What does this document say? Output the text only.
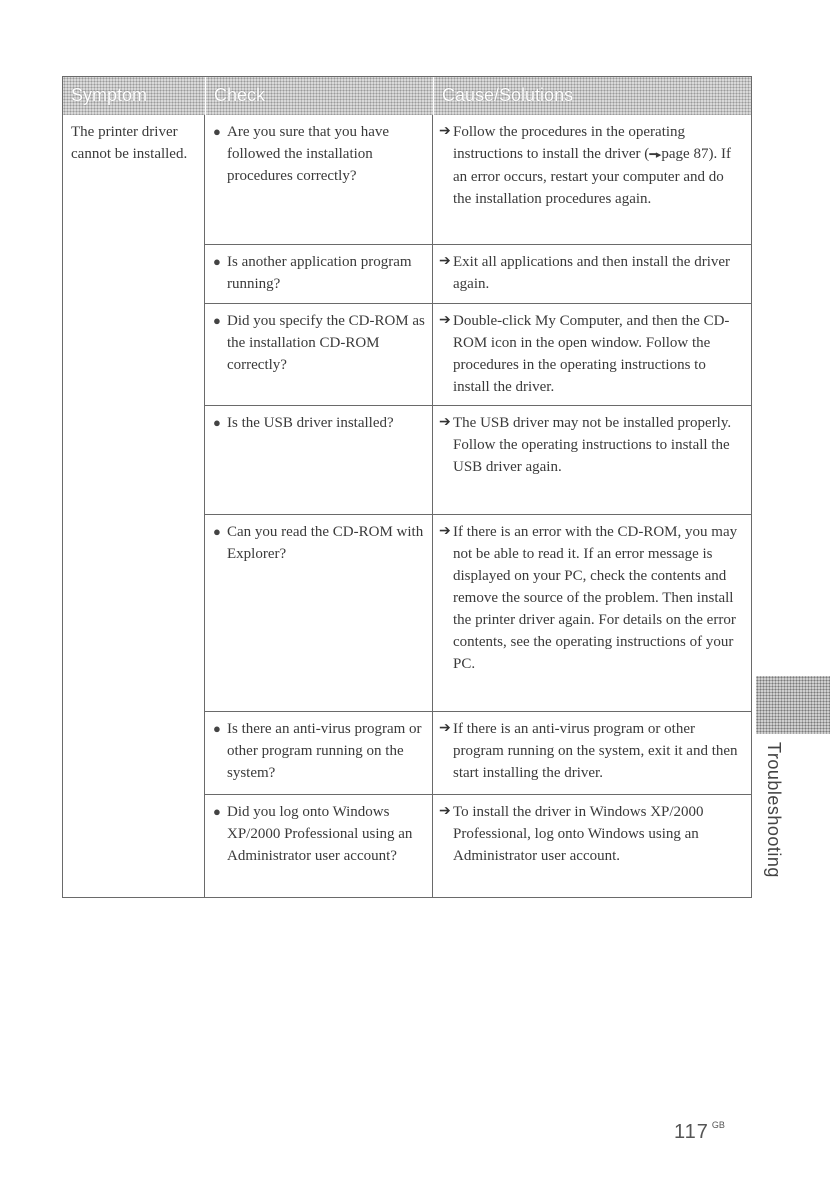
Symptom	Check	Cause/Solutions
The printer driver cannot be installed.
● Are you sure that you have followed the installation procedures correctly?
➔ Follow the procedures in the operating instructions to install the driver (━▸page 87). If an error occurs, restart your computer and do the installation procedures again.
● Is another application program running?
➔ Exit all applications and then install the driver again.
● Did you specify the CD-ROM as the installation CD-ROM correctly?
➔ Double-click My Computer, and then the CD-ROM icon in the open window. Follow the procedures in the operating instructions to install the driver.
● Is the USB driver installed?	➔ The USB driver may not be installed properly. Follow the operating instructions to install the USB driver again.
● Can you read the CD-ROM with Explorer?
➔ If there is an error with the CD-ROM, you may not be able to read it. If an error message is displayed on your PC, check the contents and remove the source of the problem. Then install the printer driver again. For details on the error contents, see the operating instructions of your PC.
● Is there an anti-virus program or other program running on the system?
➔ If there is an anti-virus program or other program running on the system, exit it and then start installing the driver.
● Did you log onto Windows XP/2000 Professional using an Administrator user account?
➔ To install the driver in Windows XP/2000 Professional, log onto Windows using an Administrator user account.	Troubleshooting
117 $^{GB}$
